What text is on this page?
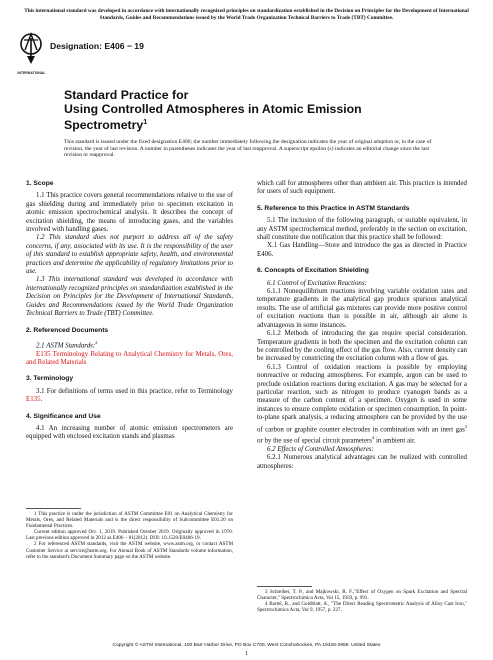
This international standard was developed in accordance with internationally recognized principles on standardization established in the Decision on Principles for the Development of International Standards, Guides and Recommendations issued by the World Trade Organization Technical Barriers to Trade (TBT) Committee.
INTERNATIONAL
Designation: E406 − 19
Standard Practice for
Using Controlled Atmospheres in Atomic Emission
Spectrometry$^1$
This standard is issued under the fixed designation E406; the number immediately following the designation indicates the year of original adoption or, in the case of revision, the year of last revision. A number in parentheses indicates the year of last reapproval. A superscript epsilon (ε) indicates an editorial change since the last revision or reapproval.

1. Scope

1.1 This practice covers general recommendations relative to the use of gas shielding during and immediately prior to specimen excitation in atomic emission spectrochemical analysis. It describes the concept of excitation shielding, the means of introducing gases, and the variables involved with handling gases.

1.2 This standard does not purport to address all of the safety concerns, if any, associated with its use. It is the responsibility of the user of this standard to establish appropriate safety, health, and environmental practices and determine the applicability of regulatory limitations prior to use.

1.3 This international standard was developed in accordance with internationally recognized principles on standardization established in the Decision on Principles for the Development of International Standards, Guides and Recommendations issued by the World Trade Organization Technical Barriers to Trade (TBT) Committee.

2. Referenced Documents

2.1 ASTM Standards:$^2$

E135 Terminology Relating to Analytical Chemistry for Metals, Ores, and Related Materials

3. Terminology

3.1 For definitions of terms used in this practice, refer to Terminology E135.

4. Significance and Use

4.1 An increasing number of atomic emission spectrometers are equipped with enclosed excitation stands and plasmas

1 This practice is under the jurisdiction of ASTM Committee E01 on Analytical Chemistry for Metals, Ores, and Related Materials and is the direct responsibility of Subcommittee E01.20 on Fundamental Practices.
Current edition approved Oct. 1, 2019. Published October 2019. Originally approved in 1970. Last previous edition approved in 2012 as E406 – 81(2012). DOI: 10.1520/E0406-19.
2 For referenced ASTM standards, visit the ASTM website, www.astm.org, or contact ASTM Customer Service at service@astm.org. For Annual Book of ASTM Standards volume information, refer to the standard's Document Summary page on the ASTM website.

which call for atmospheres other than ambient air. This practice is intended for users of such equipment.

5. Reference to this Practice in ASTM Standards

5.1 The inclusion of the following paragraph, or suitable equivalent, in any ASTM spectrochemical method, preferably in the section on excitation, shall constitute due notification that this practice shall be followed:

X.1 Gas Handling—Store and introduce the gas as directed in Practice E406.

6. Concepts of Excitation Shielding

6.1 Control of Excitation Reactions:

6.1.1 Nonequilibrium reactions involving variable oxidation rates and temperature gradients in the analytical gap produce spurious analytical results. The use of artificial gas mixtures can provide more positive control of excitation reactions than is possible in air, although air alone is advantageous in some instances.

6.1.2 Methods of introducing the gas require special consideration. Temperature gradients in both the specimen and the excitation column can be controlled by the cooling effect of the gas flow. Also, current density can be increased by constricting the excitation column with a flow of gas.

6.1.3 Control of oxidation reactions is possible by employing nonreactive or reducing atmospheres. For example, argon can be used to preclude oxidation reactions during excitation. A gas may be selected for a particular reaction, such as nitrogen to produce cyanogen bands as a measure of the carbon content of a specimen. Oxygen is used in some instances to ensure complete oxidation or specimen consumption. In point-to-plane spark analysis, a reducing atmosphere can be provided by the use of carbon or graphite counter electrodes in combination with an inert gas$^3$ or by the use of special circuit parameters$^4$ in ambient air.

6.2 Effects of Controlled Atmospheres:

6.2.1 Numerous analytical advantages can be realized with controlled atmospheres:

3 Schreiber, T. P., and Majkowski, R. F.,"Effect of Oxygen on Spark Excitation and Spectral Character," Spectrochimica Acta, Vol 15, 1959, p. 991.
4 Bartel, R., and Goldblatt, A., "The Direct Reading Spectrometric Analysis of Alloy Cast Iron," Spectrochimica Acta, Vol 9, 1957, p. 227.
Copyright © ASTM International, 100 Barr Harbor Drive, PO Box C700, West Conshohocken, PA 19428-2959. United States
1
